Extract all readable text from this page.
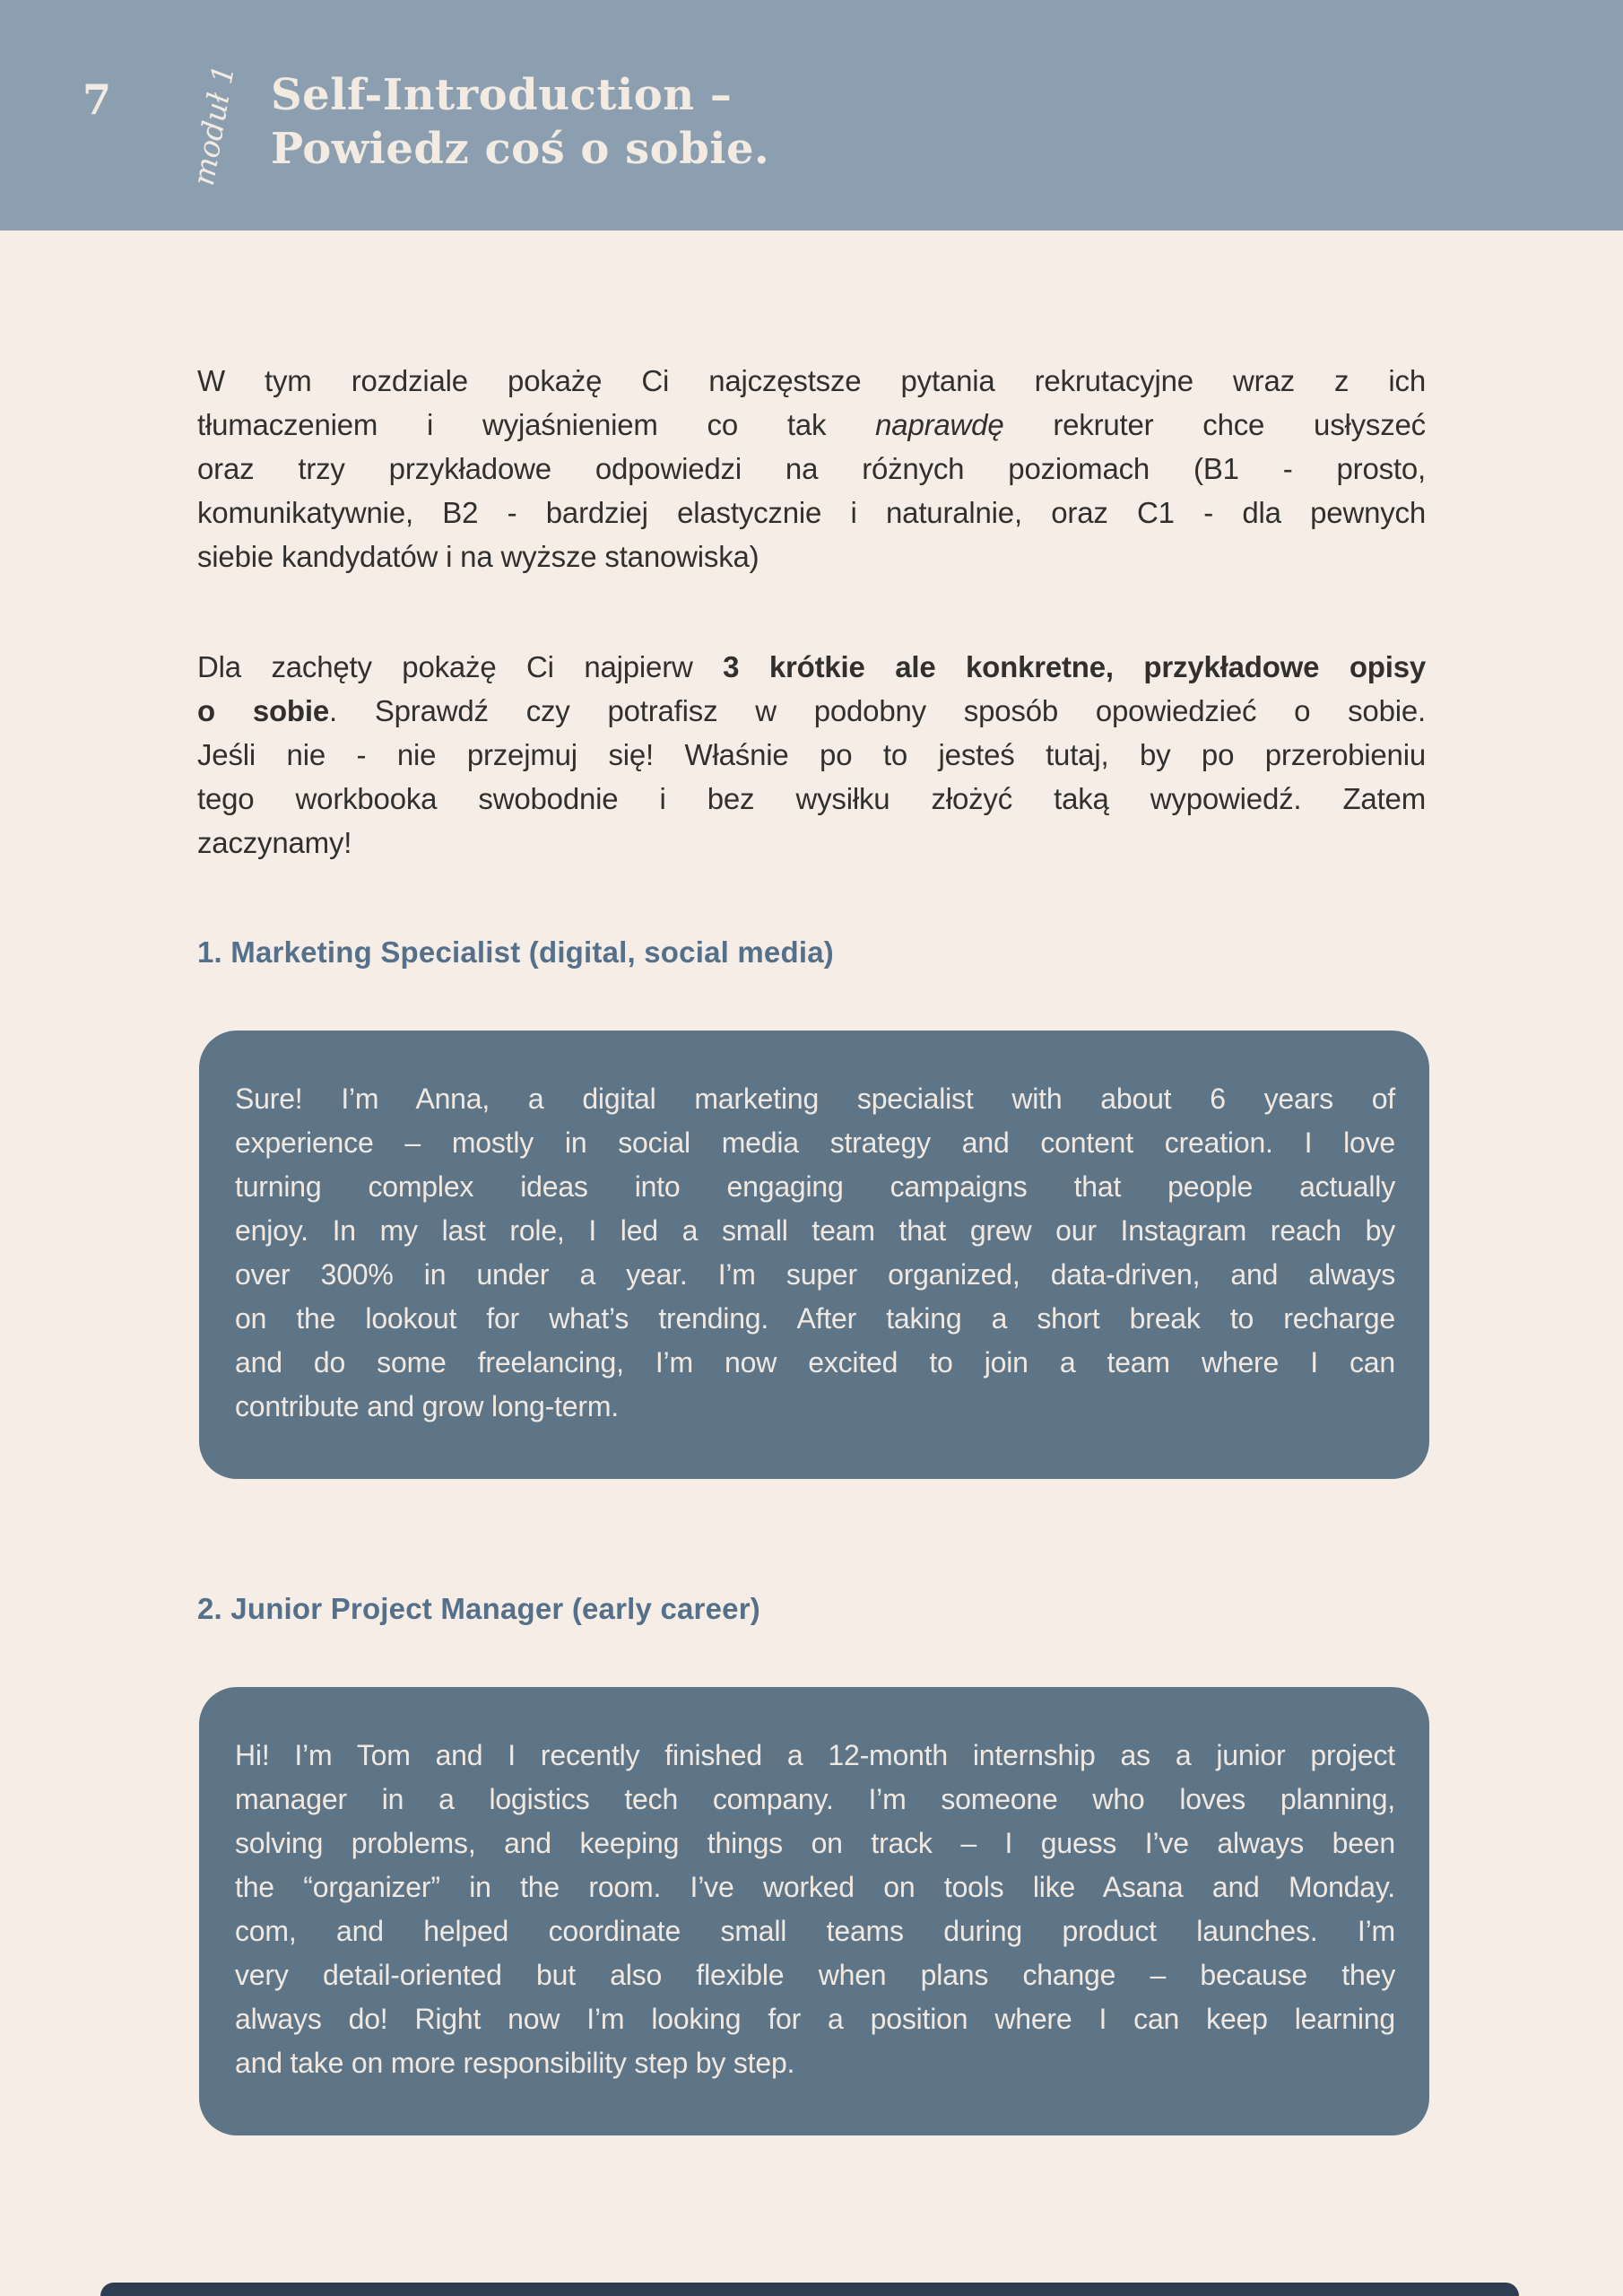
7	moduł 1 Self-Introduction –
Powiedz coś o sobie.
W tym rozdziale pokażę Ci najczęstsze pytania rekrutacyjne wraz z ich
tłumaczeniem i wyjaśnieniem co tak naprawdę rekruter chce usłyszeć
oraz trzy przykładowe odpowiedzi na różnych poziomach (B1 - prosto,
komunikatywnie, B2 - bardziej elastycznie i naturalnie, oraz C1 - dla pewnych
siebie kandydatów i na wyższe stanowiska)
Dla zachęty pokażę Ci najpierw 3 krótkie ale konkretne, przykładowe opisy
o sobie. Sprawdź czy potrafisz w podobny sposób opowiedzieć o sobie.
Jeśli nie - nie przejmuj się! Właśnie po to jesteś tutaj, by po przerobieniu
tego workbooka swobodnie i bez wysiłku złożyć taką wypowiedź. Zatem
zaczynamy!
1. Marketing Specialist (digital, social media)
Sure! I’m Anna, a digital marketing specialist with about 6 years of
experience – mostly in social media strategy and content creation. I love
turning complex ideas into engaging campaigns that people actually
enjoy. In my last role, I led a small team that grew our Instagram reach by
over 300% in under a year. I’m super organized, data-driven, and always
on the lookout for what’s trending. After taking a short break to recharge
and do some freelancing, I’m now excited to join a team where I can
contribute and grow long-term.
2. Junior Project Manager (early career)
Hi! I’m Tom and I recently finished a 12-month internship as a junior project
manager in a logistics tech company. I’m someone who loves planning,
solving problems, and keeping things on track – I guess I’ve always been
the “organizer” in the room. I’ve worked on tools like Asana and Monday.
com, and helped coordinate small teams during product launches. I’m
very detail-oriented but also flexible when plans change – because they
always do! Right now I’m looking for a position where I can keep learning
and take on more responsibility step by step.
